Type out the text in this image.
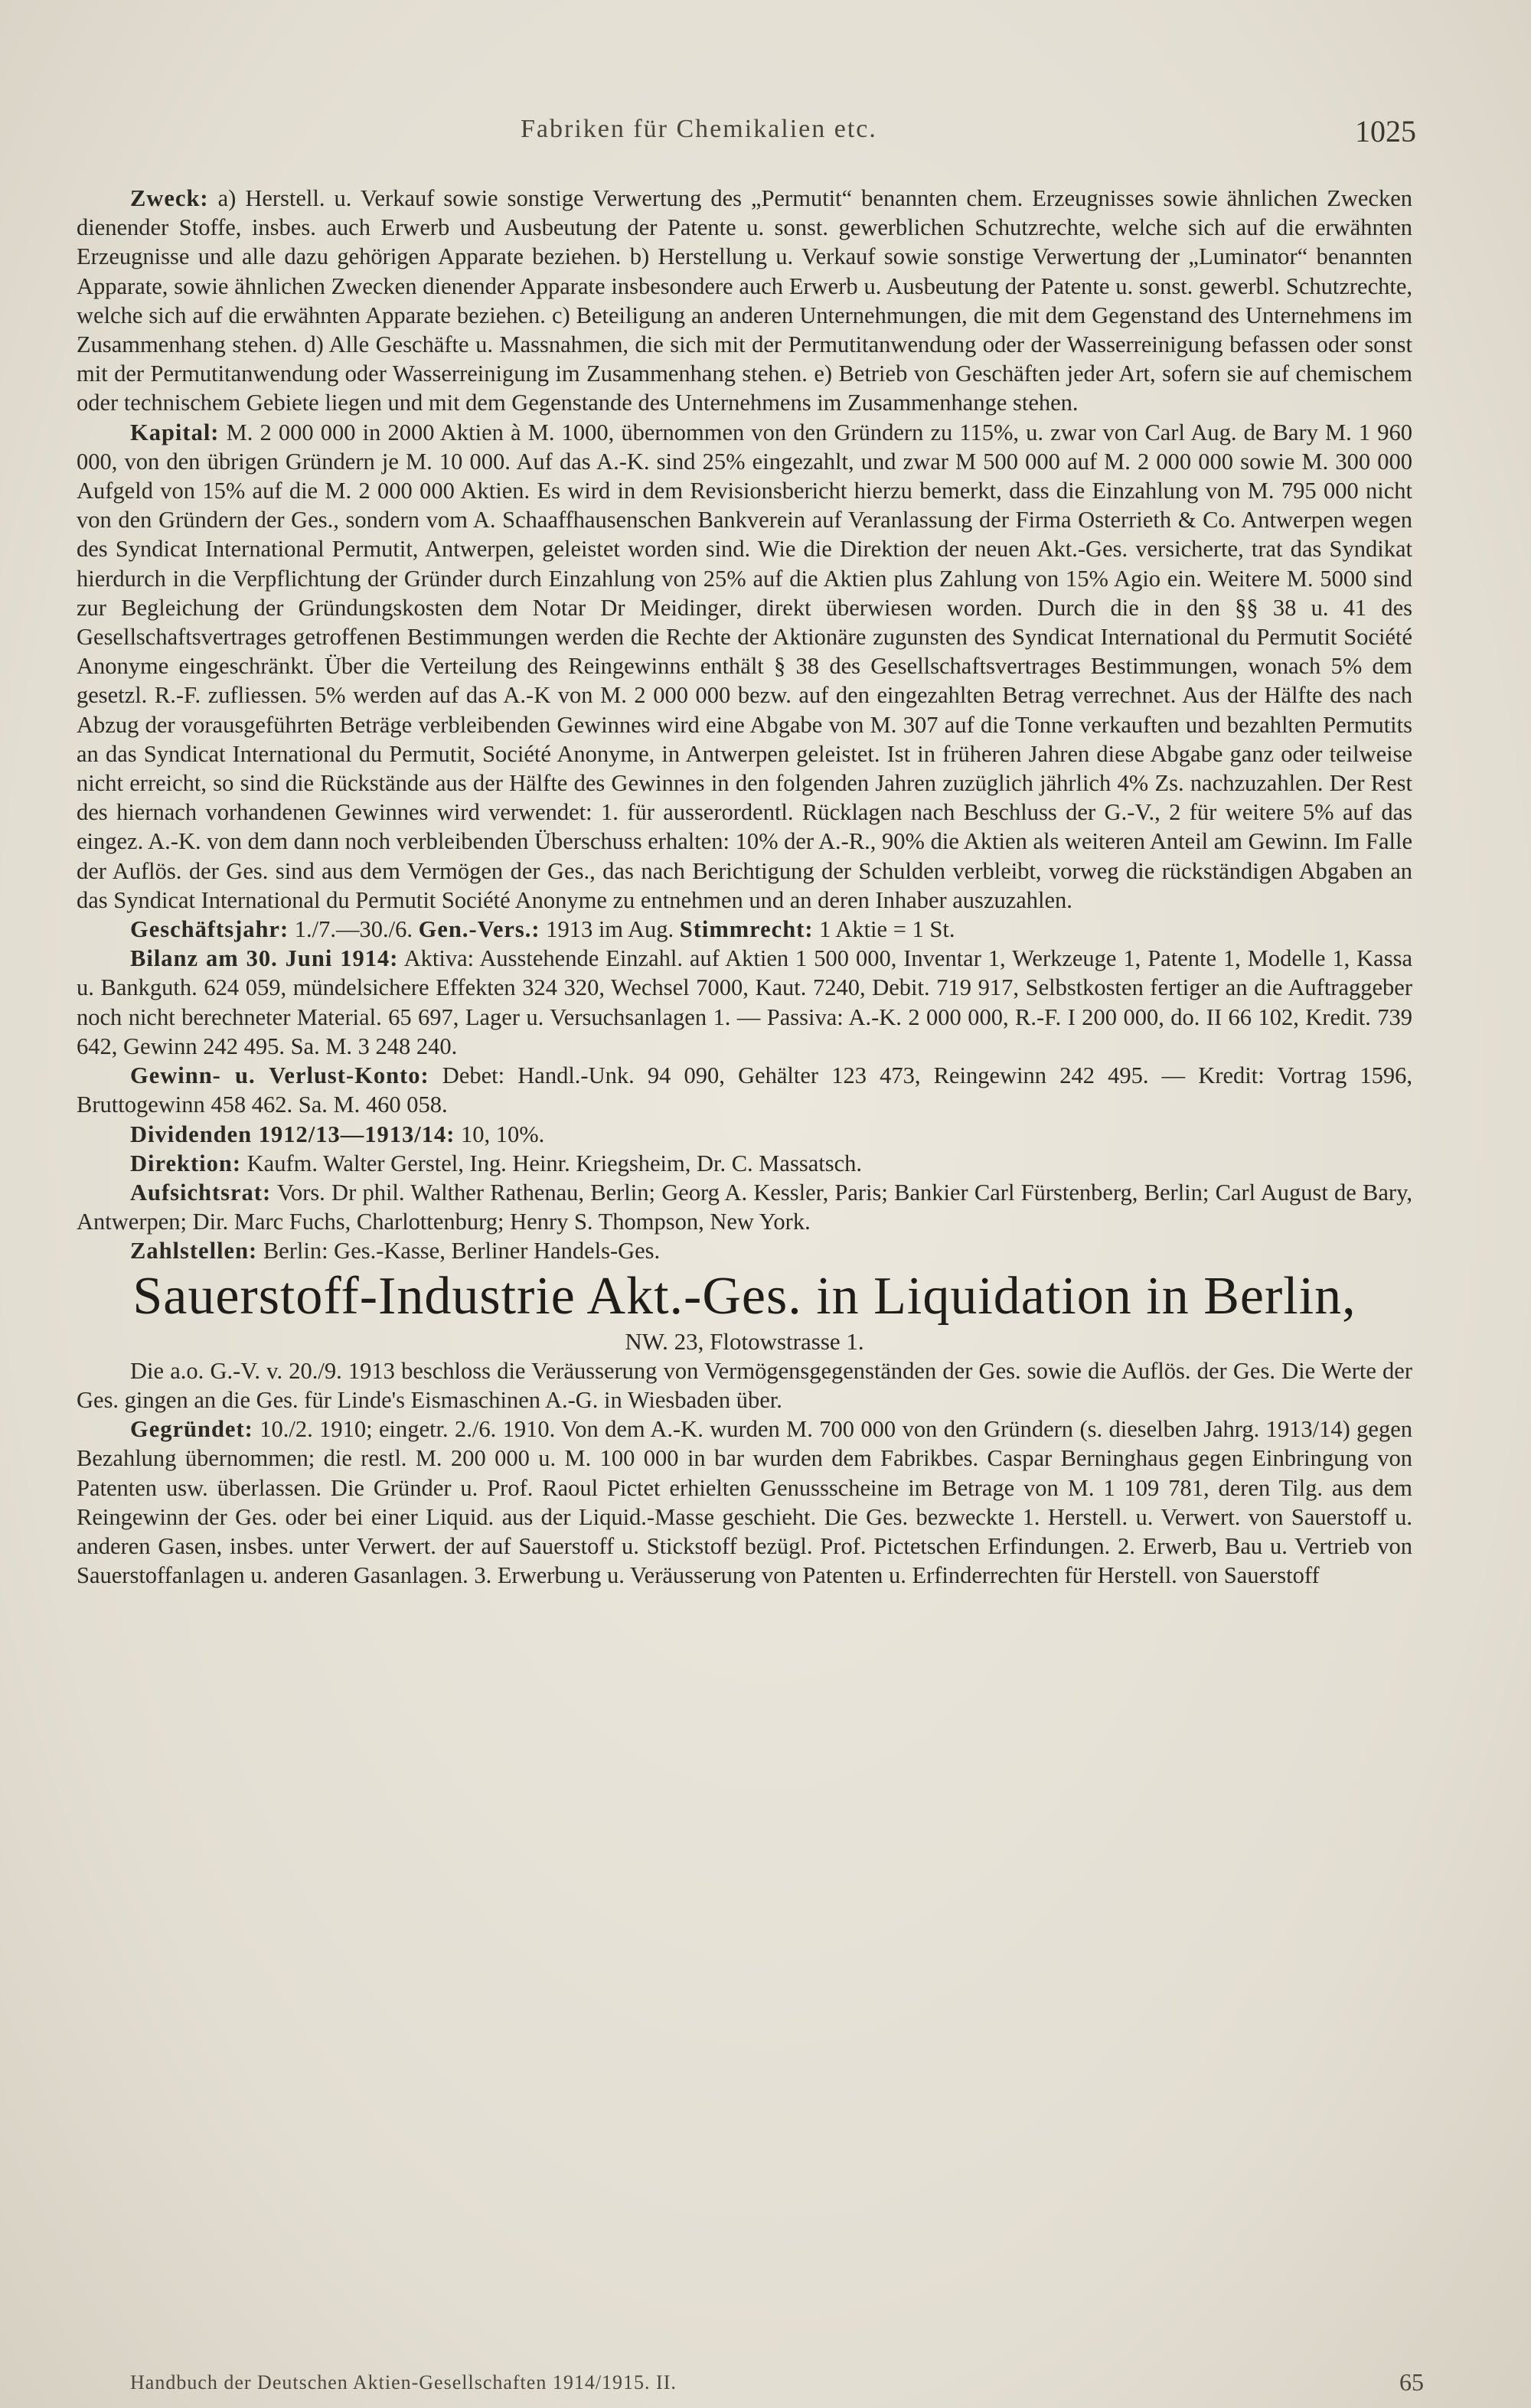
Fabriken für Chemikalien etc.	1025

Zweck: a) Herstell. u. Verkauf sowie sonstige Verwertung des „Permutit“ benannten chem. Erzeugnisses sowie ähnlichen Zwecken dienender Stoffe, insbes. auch Erwerb und Ausbeutung der Patente u. sonst. gewerblichen Schutzrechte, welche sich auf die erwähnten Erzeugnisse und alle dazu gehörigen Apparate beziehen. b) Herstellung u. Verkauf sowie sonstige Verwertung der „Luminator“ benannten Apparate, sowie ähnlichen Zwecken dienender Apparate insbesondere auch Erwerb u. Ausbeutung der Patente u. sonst. gewerbl. Schutzrechte, welche sich auf die erwähnten Apparate beziehen. c) Beteiligung an anderen Unternehmungen, die mit dem Gegenstand des Unternehmens im Zusammenhang stehen. d) Alle Geschäfte u. Massnahmen, die sich mit der Permutitanwendung oder der Wasserreinigung befassen oder sonst mit der Permutitanwendung oder Wasserreinigung im Zusammenhang stehen. e) Betrieb von Geschäften jeder Art, sofern sie auf chemischem oder technischem Gebiete liegen und mit dem Gegenstande des Unternehmens im Zusammenhange stehen.

Kapital: M. 2 000 000 in 2000 Aktien à M. 1000, übernommen von den Gründern zu 115%, u. zwar von Carl Aug. de Bary M. 1 960 000, von den übrigen Gründern je M. 10 000. Auf das A.-K. sind 25% eingezahlt, und zwar M 500 000 auf M. 2 000 000 sowie M. 300 000 Aufgeld von 15% auf die M. 2 000 000 Aktien. Es wird in dem Revisionsbericht hierzu bemerkt, dass die Einzahlung von M. 795 000 nicht von den Gründern der Ges., sondern vom A. Schaaffhausenschen Bankverein auf Veranlassung der Firma Osterrieth & Co. Antwerpen wegen des Syndicat International Permutit, Antwerpen, geleistet worden sind. Wie die Direktion der neuen Akt.-Ges. versicherte, trat das Syndikat hierdurch in die Verpflichtung der Gründer durch Einzahlung von 25% auf die Aktien plus Zahlung von 15% Agio ein. Weitere M. 5000 sind zur Begleichung der Gründungskosten dem Notar Dr Meidinger, direkt überwiesen worden. Durch die in den §§ 38 u. 41 des Gesellschaftsvertrages getroffenen Bestimmungen werden die Rechte der Aktionäre zugunsten des Syndicat International du Permutit Société Anonyme eingeschränkt. Über die Verteilung des Reingewinns enthält § 38 des Gesellschaftsvertrages Bestimmungen, wonach 5% dem gesetzl. R.-F. zufliessen. 5% werden auf das A.-K von M. 2 000 000 bezw. auf den eingezahlten Betrag verrechnet. Aus der Hälfte des nach Abzug der vorausgeführten Beträge verbleibenden Gewinnes wird eine Abgabe von M. 307 auf die Tonne verkauften und bezahlten Permutits an das Syndicat International du Permutit, Société Anonyme, in Antwerpen geleistet. Ist in früheren Jahren diese Abgabe ganz oder teilweise nicht erreicht, so sind die Rückstände aus der Hälfte des Gewinnes in den folgenden Jahren zuzüglich jährlich 4% Zs. nachzuzahlen. Der Rest des hiernach vorhandenen Gewinnes wird verwendet: 1. für ausserordentl. Rücklagen nach Beschluss der G.-V., 2 für weitere 5% auf das eingez. A.-K. von dem dann noch verbleibenden Überschuss erhalten: 10% der A.-R., 90% die Aktien als weiteren Anteil am Gewinn. Im Falle der Auflös. der Ges. sind aus dem Vermögen der Ges., das nach Berichtigung der Schulden verbleibt, vorweg die rückständigen Abgaben an das Syndicat International du Permutit Société Anonyme zu entnehmen und an deren Inhaber auszuzahlen.

Geschäftsjahr: 1./7.—30./6. Gen.-Vers.: 1913 im Aug. Stimmrecht: 1 Aktie = 1 St.

Bilanz am 30. Juni 1914: Aktiva: Ausstehende Einzahl. auf Aktien 1 500 000, Inventar 1, Werkzeuge 1, Patente 1, Modelle 1, Kassa u. Bankguth. 624 059, mündelsichere Effekten 324 320, Wechsel 7000, Kaut. 7240, Debit. 719 917, Selbstkosten fertiger an die Auftraggeber noch nicht berechneter Material. 65 697, Lager u. Versuchsanlagen 1. — Passiva: A.-K. 2 000 000, R.-F. I 200 000, do. II 66 102, Kredit. 739 642, Gewinn 242 495. Sa. M. 3 248 240.

Gewinn- u. Verlust-Konto: Debet: Handl.-Unk. 94 090, Gehälter 123 473, Reingewinn 242 495. — Kredit: Vortrag 1596, Bruttogewinn 458 462. Sa. M. 460 058.

Dividenden 1912/13—1913/14: 10, 10%.

Direktion: Kaufm. Walter Gerstel, Ing. Heinr. Kriegsheim, Dr. C. Massatsch.

Aufsichtsrat: Vors. Dr phil. Walther Rathenau, Berlin; Georg A. Kessler, Paris; Bankier Carl Fürstenberg, Berlin; Carl August de Bary, Antwerpen; Dir. Marc Fuchs, Charlottenburg; Henry S. Thompson, New York.

Zahlstellen: Berlin: Ges.-Kasse, Berliner Handels-Ges.

Sauerstoff-Industrie Akt.-Ges. in Liquidation in Berlin,

NW. 23, Flotowstrasse 1.

Die a.o. G.-V. v. 20./9. 1913 beschloss die Veräusserung von Vermögensgegenständen der Ges. sowie die Auflös. der Ges. Die Werte der Ges. gingen an die Ges. für Linde's Eismaschinen A.-G. in Wiesbaden über.

Gegründet: 10./2. 1910; eingetr. 2./6. 1910. Von dem A.-K. wurden M. 700 000 von den Gründern (s. dieselben Jahrg. 1913/14) gegen Bezahlung übernommen; die restl. M. 200 000 u. M. 100 000 in bar wurden dem Fabrikbes. Caspar Berninghaus gegen Einbringung von Patenten usw. überlassen. Die Gründer u. Prof. Raoul Pictet erhielten Genussscheine im Betrage von M. 1 109 781, deren Tilg. aus dem Reingewinn der Ges. oder bei einer Liquid. aus der Liquid.-Masse geschieht. Die Ges. bezweckte 1. Herstell. u. Verwert. von Sauerstoff u. anderen Gasen, insbes. unter Verwert. der auf Sauerstoff u. Stickstoff bezügl. Prof. Pictetschen Erfindungen. 2. Erwerb, Bau u. Vertrieb von Sauerstoffanlagen u. anderen Gasanlagen. 3. Erwerbung u. Veräusserung von Patenten u. Erfinderrechten für Herstell. von Sauerstoff

Handbuch der Deutschen Aktien-Gesellschaften 1914/1915. II.	65
